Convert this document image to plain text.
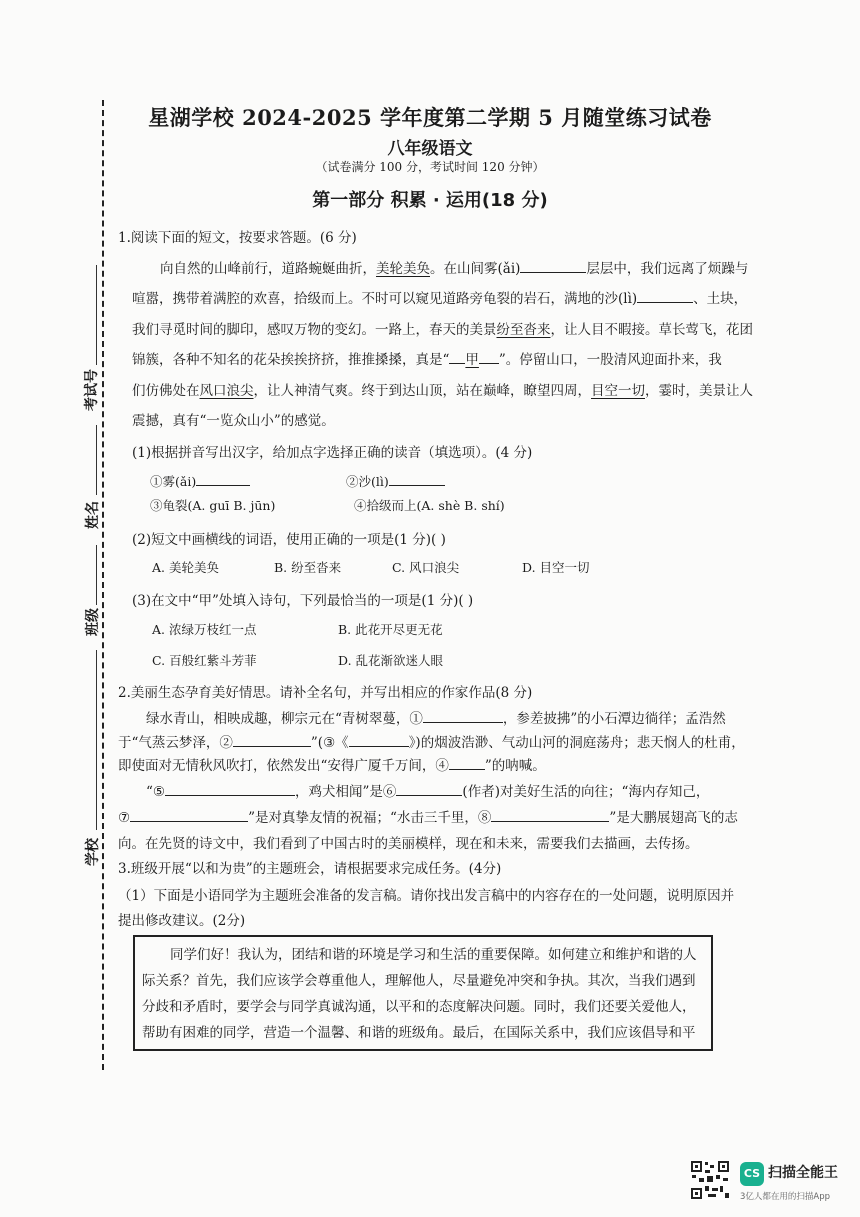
考试号
姓名
班级
学校
星湖学校 2024-2025 学年度第二学期 5 月随堂练习试卷
八年级语文
（试卷满分 100 分，考试时间 120 分钟）
第一部分 积累 · 运用(18 分)
1.阅读下面的短文，按要求答题。(6 分)
向自然的山峰前行，道路蜿蜒曲折，美轮美奂。在山间雾(ǎi)	层层中，我们远离了烦躁与
喧嚣，携带着满腔的欢喜，拾级而上。不时可以窥见道路旁龟裂的岩石，满地的沙(lì)	、土块，
我们寻觅时间的脚印，感叹万物的变幻。一路上，春天的美景纷至沓来，让人目不暇接。草长莺飞，花团
锦簇，各种不知名的花朵挨挨挤挤，推推搡搡，真是“ 甲 ”。停留山口，一股清风迎面扑来，我
们仿佛处在风口浪尖，让人神清气爽。终于到达山顶，站在巅峰，瞭望四周，目空一切，霎时，美景让人
震撼，真有“一览众山小”的感觉。
(1)根据拼音写出汉字，给加点字选择正确的读音（填选项）。(4 分)
①雾(ǎi)	②沙(lì)
③龟裂(A. guī B. jūn)	④拾级而上(A. shè B. shí)
(2)短文中画横线的词语，使用正确的一项是(1 分)( )
A. 美轮美奂	B. 纷至沓来	C. 风口浪尖	D. 目空一切
(3)在文中“甲”处填入诗句，下列最恰当的一项是(1 分)( )
A. 浓绿万枝红一点	B. 此花开尽更无花
C. 百般红紫斗芳菲	D. 乱花渐欲迷人眼
2.美丽生态孕育美好情思。请补全名句，并写出相应的作家作品(8 分)
绿水青山，相映成趣，柳宗元在“青树翠蔓，①	，参差披拂”的小石潭边徜徉；孟浩然
于“气蒸云梦泽，②	”(③《	》)的烟波浩渺、气动山河的洞庭荡舟；悲天悯人的杜甫，
即使面对无情秋风吹打，依然发出“安得广厦千万间，④	”的呐喊。
“⑤	，鸡犬相闻”是⑥	(作者)对美好生活的向往；“海内存知己，
⑦	”是对真挚友情的祝福；“水击三千里，⑧	”是大鹏展翅高飞的志
向。在先贤的诗文中，我们看到了中国古时的美丽模样，现在和未来，需要我们去描画，去传扬。
3.班级开展“以和为贵”的主题班会，请根据要求完成任务。(4分)
（1）下面是小语同学为主题班会准备的发言稿。请你找出发言稿中的内容存在的一处问题，说明原因并
提出修改建议。(2分)
同学们好！我认为，团结和谐的环境是学习和生活的重要保障。如何建立和维护和谐的人
际关系？首先，我们应该学会尊重他人，理解他人，尽量避免冲突和争执。其次，当我们遇到
分歧和矛盾时，要学会与同学真诚沟通，以平和的态度解决问题。同时，我们还要关爱他人，
帮助有困难的同学，营造一个温馨、和谐的班级角。最后，在国际关系中，我们应该倡导和平
CS 扫描全能王
3亿人都在用的扫描App
